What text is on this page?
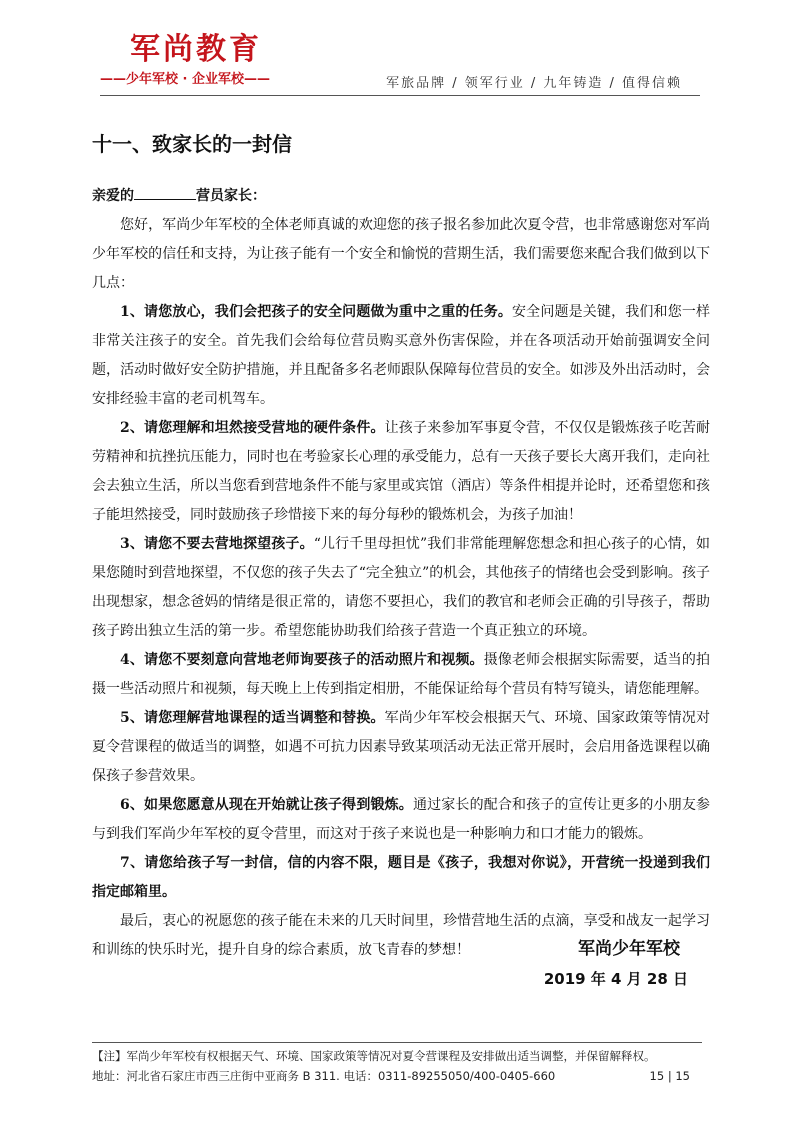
军尚教育
——少年军校 · 企业军校——	军旅品牌 / 领军行业 / 九年铸造 / 值得信赖
十一、致家长的一封信
亲爱的	营员家长：

您好，军尚少年军校的全体老师真诚的欢迎您的孩子报名参加此次夏令营，也非常感谢您对军尚少年军校的信任和支持，为让孩子能有一个安全和愉悦的营期生活，我们需要您来配合我们做到以下几点：

1、请您放心，我们会把孩子的安全问题做为重中之重的任务。安全问题是关键，我们和您一样非常关注孩子的安全。首先我们会给每位营员购买意外伤害保险，并在各项活动开始前强调安全问题，活动时做好安全防护措施，并且配备多名老师跟队保障每位营员的安全。如涉及外出活动时，会安排经验丰富的老司机驾车。

2、请您理解和坦然接受营地的硬件条件。让孩子来参加军事夏令营，不仅仅是锻炼孩子吃苦耐劳精神和抗挫抗压能力，同时也在考验家长心理的承受能力，总有一天孩子要长大离开我们，走向社会去独立生活，所以当您看到营地条件不能与家里或宾馆（酒店）等条件相提并论时，还希望您和孩子能坦然接受，同时鼓励孩子珍惜接下来的每分每秒的锻炼机会，为孩子加油！

3、请您不要去营地探望孩子。“儿行千里母担忧”我们非常能理解您想念和担心孩子的心情，如果您随时到营地探望，不仅您的孩子失去了“完全独立”的机会，其他孩子的情绪也会受到影响。孩子出现想家，想念爸妈的情绪是很正常的，请您不要担心，我们的教官和老师会正确的引导孩子，帮助孩子跨出独立生活的第一步。希望您能协助我们给孩子营造一个真正独立的环境。

4、请您不要刻意向营地老师询要孩子的活动照片和视频。摄像老师会根据实际需要，适当的拍摄一些活动照片和视频，每天晚上上传到指定相册，不能保证给每个营员有特写镜头，请您能理解。

5、请您理解营地课程的适当调整和替换。军尚少年军校会根据天气、环境、国家政策等情况对夏令营课程的做适当的调整，如遇不可抗力因素导致某项活动无法正常开展时，会启用备选课程以确保孩子参营效果。

6、如果您愿意从现在开始就让孩子得到锻炼。通过家长的配合和孩子的宣传让更多的小朋友参与到我们军尚少年军校的夏令营里，而这对于孩子来说也是一种影响力和口才能力的锻炼。

7、请您给孩子写一封信，信的内容不限，题目是《孩子，我想对你说》，开营统一投递到我们指定邮箱里。

最后，衷心的祝愿您的孩子能在未来的几天时间里，珍惜营地生活的点滴，享受和战友一起学习和训练的快乐时光，提升自身的综合素质，放飞青春的梦想！	军尚少年军校
2019 年 4 月 28 日
【注】军尚少年军校有权根据天气、环境、国家政策等情况对夏令营课程及安排做出适当调整，并保留解释权。
地址：河北省石家庄市西三庄街中亚商务 B 311. 电话：0311-89255050/400-0405-660	15 | 15
